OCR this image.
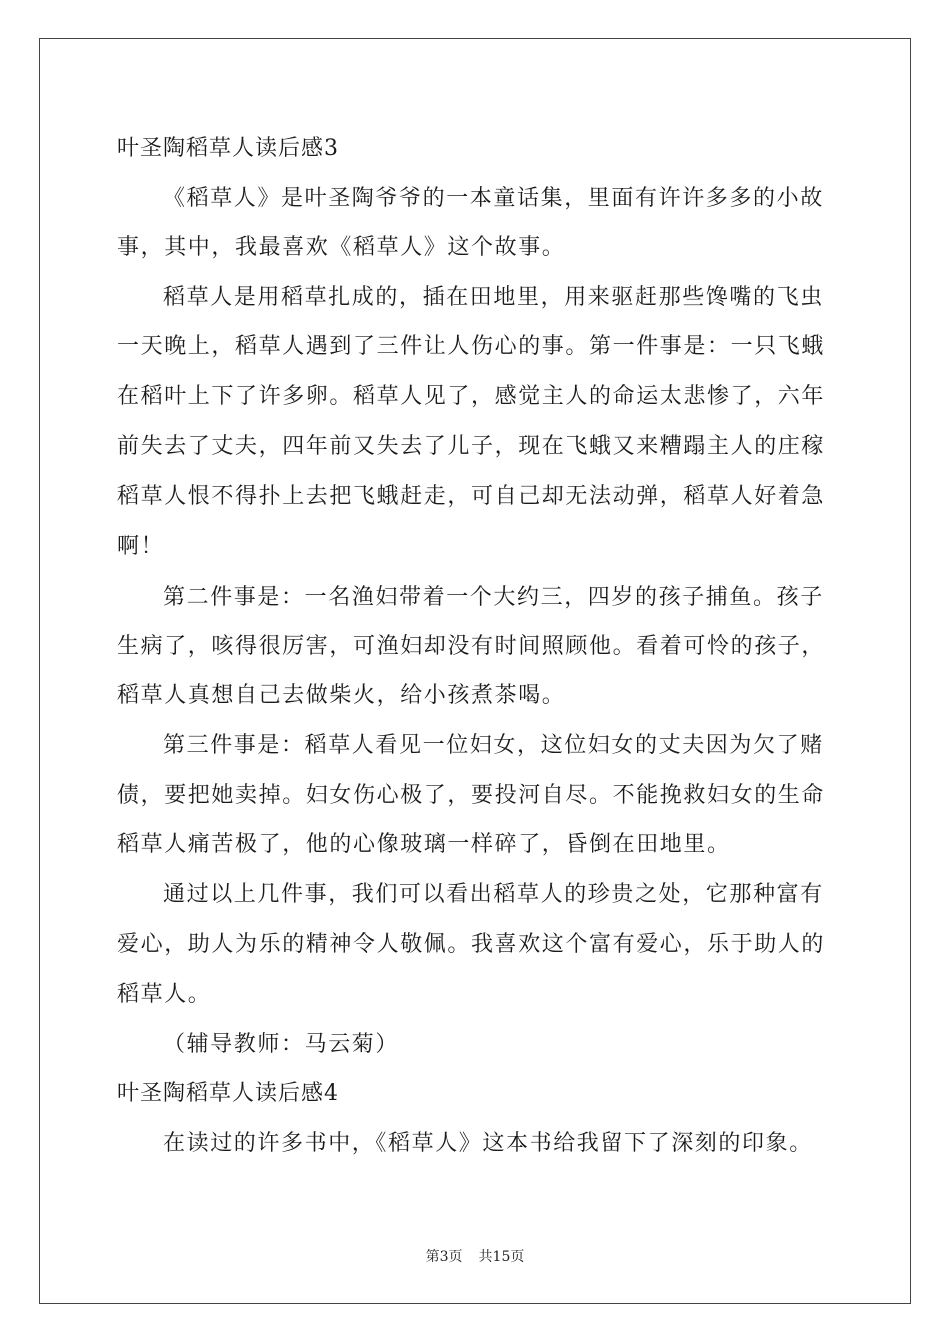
叶圣陶稻草人读后感3
《稻草人》是叶圣陶爷爷的一本童话集，里面有许许多多的小故
事，其中，我最喜欢《稻草人》这个故事。
稻草人是用稻草扎成的，插在田地里，用来驱赶那些馋嘴的飞虫
一天晚上，稻草人遇到了三件让人伤心的事。第一件事是：一只飞蛾
在稻叶上下了许多卵。稻草人见了，感觉主人的命运太悲惨了，六年
前失去了丈夫，四年前又失去了儿子，现在飞蛾又来糟蹋主人的庄稼
稻草人恨不得扑上去把飞蛾赶走，可自己却无法动弹，稻草人好着急
啊！
第二件事是：一名渔妇带着一个大约三，四岁的孩子捕鱼。孩子
生病了，咳得很厉害，可渔妇却没有时间照顾他。看着可怜的孩子，
稻草人真想自己去做柴火，给小孩煮茶喝。
第三件事是：稻草人看见一位妇女，这位妇女的丈夫因为欠了赌
债，要把她卖掉。妇女伤心极了，要投河自尽。不能挽救妇女的生命
稻草人痛苦极了，他的心像玻璃一样碎了，昏倒在田地里。
通过以上几件事，我们可以看出稻草人的珍贵之处，它那种富有
爱心，助人为乐的精神令人敬佩。我喜欢这个富有爱心，乐于助人的
稻草人。
（辅导教师：马云菊）
叶圣陶稻草人读后感4
在读过的许多书中，《稻草人》这本书给我留下了深刻的印象。
第3页 共15页
